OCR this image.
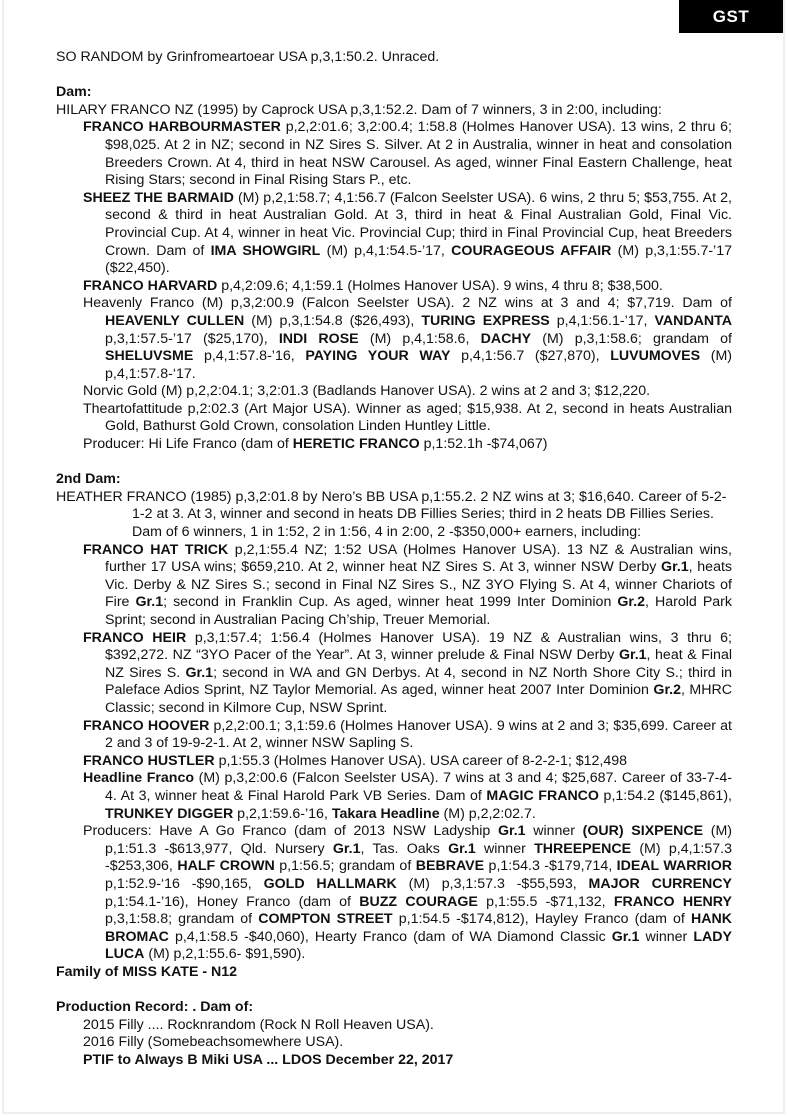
GST

SO RANDOM by Grinfromeartoear USA p,3,1:50.2. Unraced.

Dam:

HILARY FRANCO NZ (1995) by Caprock USA p,3,1:52.2. Dam of 7 winners, 3 in 2:00, including:

FRANCO HARBOURMASTER p,2,2:01.6; 3,2:00.4; 1:58.8 (Holmes Hanover USA). 13 wins, 2 thru 6; $98,025. At 2 in NZ; second in NZ Sires S. Silver. At 2 in Australia, winner in heat and consolation Breeders Crown. At 4, third in heat NSW Carousel. As aged, winner Final Eastern Challenge, heat Rising Stars; second in Final Rising Stars P., etc.

SHEEZ THE BARMAID (M) p,2,1:58.7; 4,1:56.7 (Falcon Seelster USA). 6 wins, 2 thru 5; $53,755. At 2, second & third in heat Australian Gold. At 3, third in heat & Final Australian Gold, Final Vic. Provincial Cup. At 4, winner in heat Vic. Provincial Cup; third in Final Provincial Cup, heat Breeders Crown. Dam of IMA SHOWGIRL (M) p,4,1:54.5-’17, COURAGEOUS AFFAIR (M) p,3,1:55.7-’17 ($22,450).

FRANCO HARVARD p,4,2:09.6; 4,1:59.1 (Holmes Hanover USA). 9 wins, 4 thru 8; $38,500.

Heavenly Franco (M) p,3,2:00.9 (Falcon Seelster USA). 2 NZ wins at 3 and 4; $7,719. Dam of HEAVENLY CULLEN (M) p,3,1:54.8 ($26,493), TURING EXPRESS p,4,1:56.1-’17, VANDANTA p,3,1:57.5-’17 ($25,170), INDI ROSE (M) p,4,1:58.6, DACHY (M) p,3,1:58.6; grandam of SHELUVSME p,4,1:57.8-’16, PAYING YOUR WAY p,4,1:56.7 ($27,870), LUVUMOVES (M) p,4,1:57.8-‘17.

Norvic Gold (M) p,2,2:04.1; 3,2:01.3 (Badlands Hanover USA). 2 wins at 2 and 3; $12,220.

Theartofattitude p,2:02.3 (Art Major USA). Winner as aged; $15,938. At 2, second in heats Australian Gold, Bathurst Gold Crown, consolation Linden Huntley Little.

Producer: Hi Life Franco (dam of HERETIC FRANCO p,1:52.1h -$74,067)

2nd Dam:

HEATHER FRANCO (1985) p,3,2:01.8 by Nero’s BB USA p,1:55.2. 2 NZ wins at 3; $16,640. Career of 5-2-1-2 at 3. At 3, winner and second in heats DB Fillies Series; third in 2 heats DB Fillies Series. Dam of 6 winners, 1 in 1:52, 2 in 1:56, 4 in 2:00, 2 -$350,000+ earners, including:

FRANCO HAT TRICK p,2,1:55.4 NZ; 1:52 USA (Holmes Hanover USA). 13 NZ & Australian wins, further 17 USA wins; $659,210. At 2, winner heat NZ Sires S. At 3, winner NSW Derby Gr.1, heats Vic. Derby & NZ Sires S.; second in Final NZ Sires S., NZ 3YO Flying S. At 4, winner Chariots of Fire Gr.1; second in Franklin Cup. As aged, winner heat 1999 Inter Dominion Gr.2, Harold Park Sprint; second in Australian Pacing Ch’ship, Treuer Memorial.

FRANCO HEIR p,3,1:57.4; 1:56.4 (Holmes Hanover USA). 19 NZ & Australian wins, 3 thru 6; $392,272. NZ “3YO Pacer of the Year”. At 3, winner prelude & Final NSW Derby Gr.1, heat & Final NZ Sires S. Gr.1; second in WA and GN Derbys. At 4, second in NZ North Shore City S.; third in Paleface Adios Sprint, NZ Taylor Memorial. As aged, winner heat 2007 Inter Dominion Gr.2, MHRC Classic; second in Kilmore Cup, NSW Sprint.

FRANCO HOOVER p,2,2:00.1; 3,1:59.6 (Holmes Hanover USA). 9 wins at 2 and 3; $35,699. Career at 2 and 3 of 19-9-2-1. At 2, winner NSW Sapling S.

FRANCO HUSTLER p,1:55.3 (Holmes Hanover USA). USA career of 8-2-2-1; $12,498

Headline Franco (M) p,3,2:00.6 (Falcon Seelster USA). 7 wins at 3 and 4; $25,687. Career of 33-7-4-4. At 3, winner heat & Final Harold Park VB Series. Dam of MAGIC FRANCO p,1:54.2 ($145,861), TRUNKEY DIGGER p,2,1:59.6-’16, Takara Headline (M) p,2,2:02.7.

Producers: Have A Go Franco (dam of 2013 NSW Ladyship Gr.1 winner (OUR) SIXPENCE (M) p,1:51.3 -$613,977, Qld. Nursery Gr.1, Tas. Oaks Gr.1 winner THREEPENCE (M) p,4,1:57.3 -$253,306, HALF CROWN p,1:56.5; grandam of BEBRAVE p,1:54.3 -$179,714, IDEAL WARRIOR p,1:52.9-‘16 -$90,165, GOLD HALLMARK (M) p,3,1:57.3 -$55,593, MAJOR CURRENCY p,1:54.1-’16), Honey Franco (dam of BUZZ COURAGE p,1:55.5 -$71,132, FRANCO HENRY p,3,1:58.8; grandam of COMPTON STREET p,1:54.5 -$174,812), Hayley Franco (dam of HANK BROMAC p,4,1:58.5 -$40,060), Hearty Franco (dam of WA Diamond Classic Gr.1 winner LADY LUCA (M) p,2,1:55.6- $91,590).

Family of MISS KATE - N12

Production Record: . Dam of:

2015 Filly .... Rocknrandom (Rock N Roll Heaven USA).

2016 Filly (Somebeachsomewhere USA).

PTIF to Always B Miki USA ... LDOS December 22, 2017
